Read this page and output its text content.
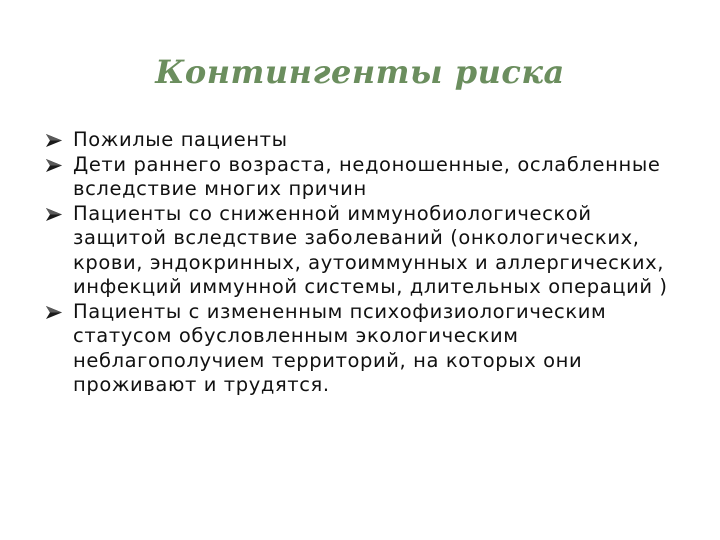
Контингенты риска
Пожилые пациенты
Дети раннего возраста, недоношенные, ослабленные вследствие многих причин
Пациенты со сниженной иммунобиологической защитой вследствие заболеваний (онкологических, крови, эндокринных, аутоиммунных и аллергических, инфекций иммунной системы, длительных операций )
Пациенты с измененным психофизиологическим статусом обусловленным экологическим неблагополучием территорий, на которых они проживают и трудятся.
